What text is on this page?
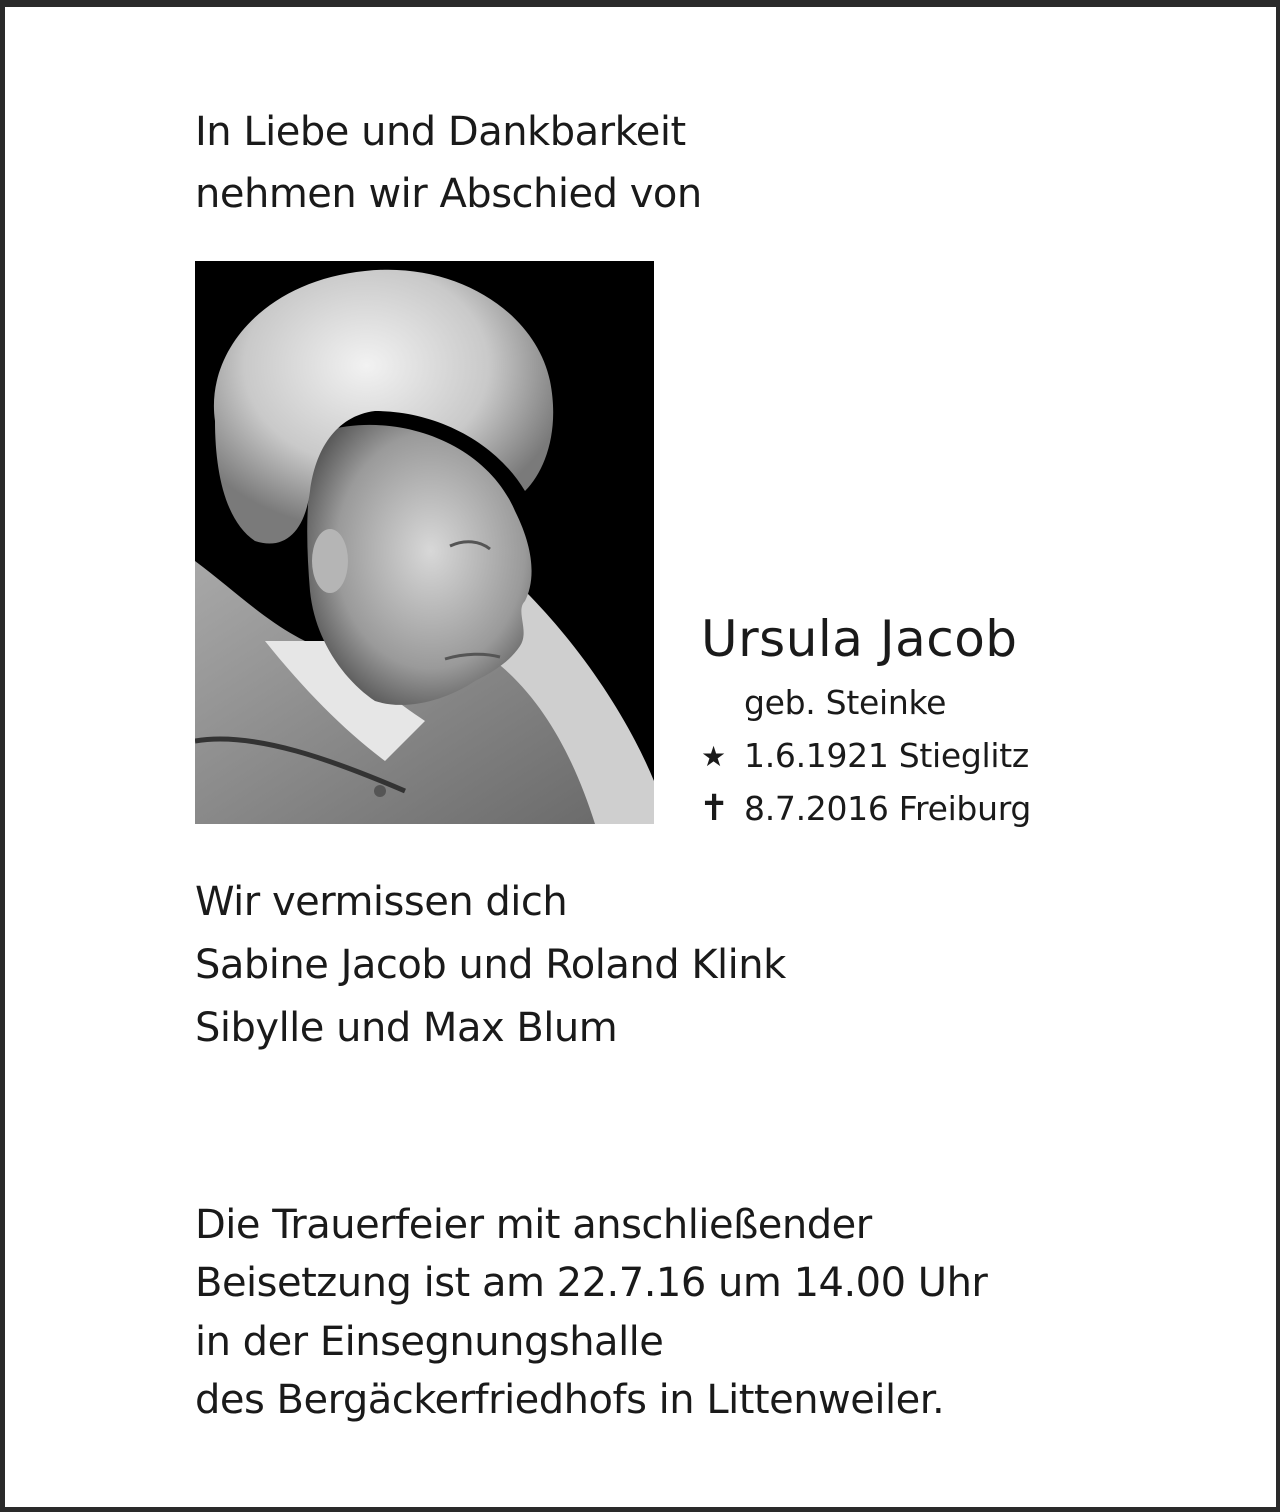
In Liebe und Dankbarkeit
nehmen wir Abschied von
Ursula Jacob
geb. Steinke
★ 1.6.1921 Stieglitz
✝ 8.7.2016 Freiburg
Wir vermissen dich
Sabine Jacob und Roland Klink
Sibylle und Max Blum
Die Trauerfeier mit anschließender
Beisetzung ist am 22.7.16 um 14.00 Uhr
in der Einsegnungshalle
des Bergäckerfriedhofs in Littenweiler.
